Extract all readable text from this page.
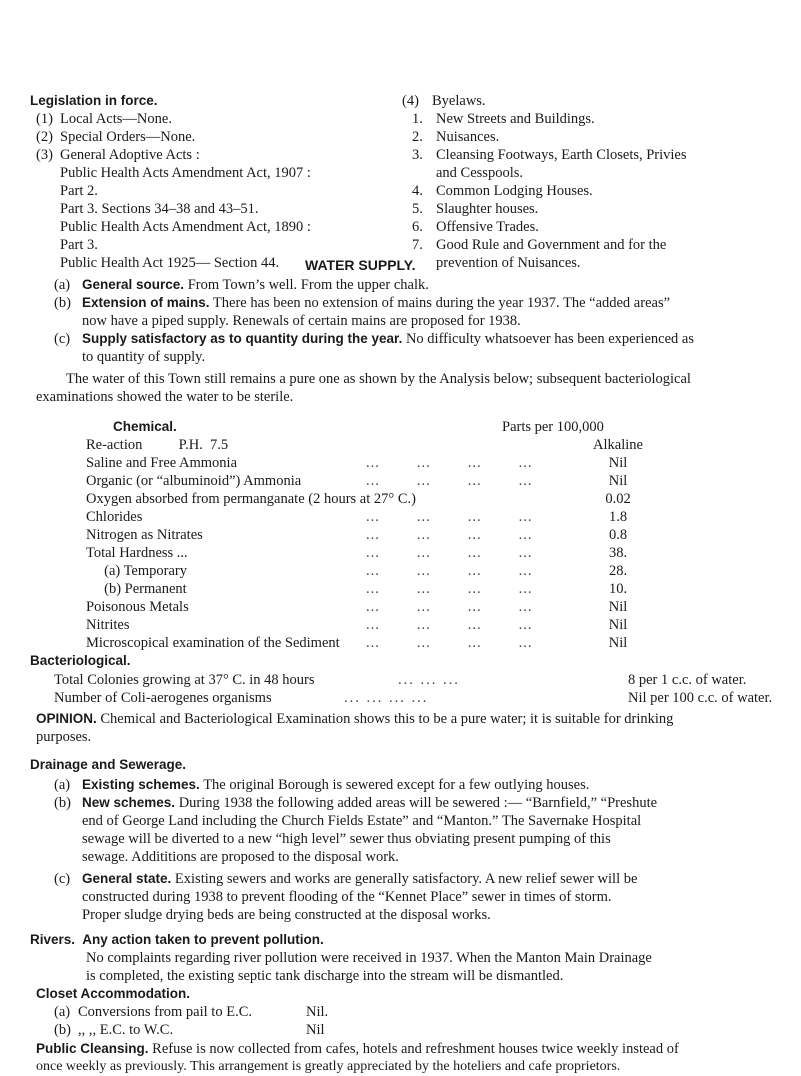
Legislation in force.
(1) Local Acts—None.
(2) Special Orders—None.
(3) General Adoptive Acts :
Public Health Acts Amendment Act, 1907 :
Part 2.
Part 3. Sections 34–38 and 43–51.
Public Health Acts Amendment Act, 1890 :
Part 3.
Public Health Act 1925— Section 44.
(4) Byelaws.
1. New Streets and Buildings.
2. Nuisances.
3. Cleansing Footways, Earth Closets, Privies
and Cesspools.
4. Common Lodging Houses.
5. Slaughter houses.
6. Offensive Trades.
7. Good Rule and Government and for the
prevention of Nuisances.
WATER SUPPLY.
(a) General source. From Town’s well. From the upper chalk.
(b) Extension of mains. There has been no extension of mains during the year 1937. The “added areas”
now have a piped supply. Renewals of certain mains are proposed for 1938.
(c) Supply satisfactory as to quantity during the year. No difficulty whatsoever has been experienced as
to quantity of supply.
The water of this Town still remains a pure one as shown by the Analysis below; subsequent bacteriological
examinations showed the water to be sterile.
Chemical.	Parts per 100,000
Re-action          P.H.  7.5	Alkaline
Saline and Free Ammonia	...        ...        ...        ...	Nil
Organic (or “albuminoid”) Ammonia	...        ...        ...        ...	Nil
Oxygen absorbed from permanganate (2 hours at 27° C.)	0.02
Chlorides	...        ...        ...        ...	1.8
Nitrogen as Nitrates	...        ...        ...        ...	0.8
Total Hardness ...	...        ...        ...        ...	38.
(a) Temporary	...        ...        ...        ...	28.
(b) Permanent	...        ...        ...        ...	10.
Poisonous Metals	...        ...        ...        ...	Nil
Nitrites	...        ...        ...        ...	Nil
Microscopical examination of the Sediment ...        ...        ...        ...	Nil
Bacteriological.
Total Colonies growing at 37° C. in 48 hours	... ... ...	8 per 1 c.c. of water.
Number of Coli-aerogenes organisms	... ... ... ...	Nil per 100 c.c. of water.
OPINION. Chemical and Bacteriological Examination shows this to be a pure water; it is suitable for drinking
purposes.
Drainage and Sewerage.
(a) Existing schemes. The original Borough is sewered except for a few outlying houses.
(b) New schemes. During 1938 the following added areas will be sewered :— “Barnfield,” “Preshute
end of George Land including the Church Fields Estate” and “Manton.” The Savernake Hospital
sewage will be diverted to a new “high level” sewer thus obviating present pumping of this
sewage. Addititions are proposed to the disposal work.
(c) General state. Existing sewers and works are generally satisfactory. A new relief sewer will be
constructed during 1938 to prevent flooding of the “Kennet Place” sewer in times of storm.
Proper sludge drying beds are being constructed at the disposal works.
Rivers. Any action taken to prevent pollution.
No complaints regarding river pollution were received in 1937. When the Manton Main Drainage
is completed, the existing septic tank discharge into the stream will be dismantled.
Closet Accommodation.
(a) Conversions from pail to E.C.	Nil.
(b) ,, ,, E.C. to W.C.	Nil
Public Cleansing. Refuse is now collected from cafes, hotels and refreshment houses twice weekly instead of
once weekly as previously. This arrangement is greatly appreciated by the hoteliers and cafe proprietors.
